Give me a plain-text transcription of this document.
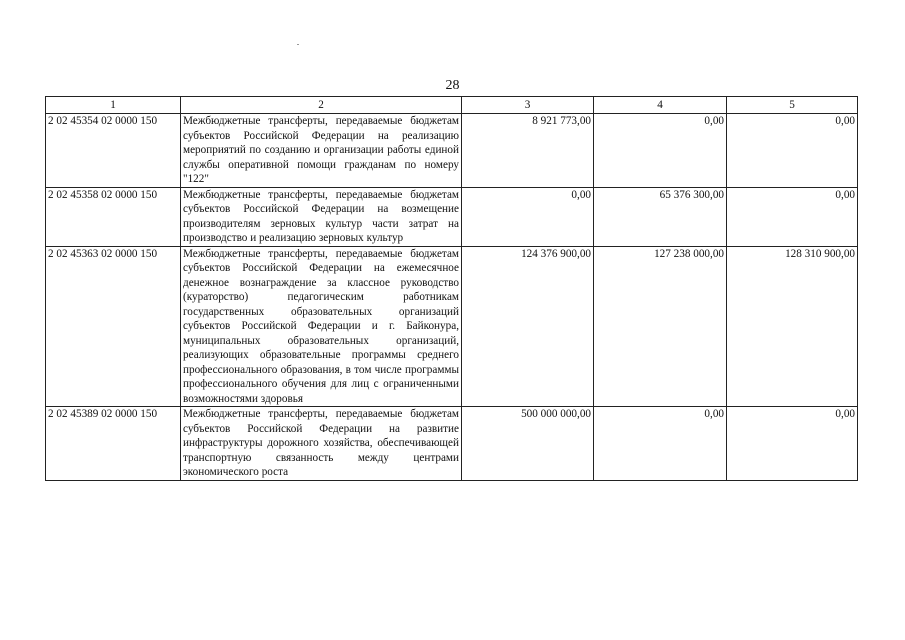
28
1	2	3	4	5
2 02 45354 02 0000 150	Межбюджетные трансферты, передаваемые бюджетам субъектов Российской Федерации на реализацию мероприятий по созданию и организации работы единой службы оперативной помощи гражданам по номеру "122"	8 921 773,00	0,00	0,00
2 02 45358 02 0000 150	Межбюджетные трансферты, передаваемые бюджетам субъектов Российской Федерации на возмещение производителям зерновых культур части затрат на производство и реализацию зерновых культур	0,00	65 376 300,00	0,00
2 02 45363 02 0000 150	Межбюджетные трансферты, передаваемые бюджетам субъектов Российской Федерации на ежемесячное денежное вознаграждение за классное руководство (кураторство) педагогическим работникам государственных образовательных организаций субъектов Российской Федерации и г. Байконура, муниципальных образовательных организаций, реализующих образовательные программы среднего профессионального образования, в том числе программы профессионального обучения для лиц с ограниченными возможностями здоровья	124 376 900,00	127 238 000,00	128 310 900,00
2 02 45389 02 0000 150	Межбюджетные трансферты, передаваемые бюджетам субъектов Российской Федерации на развитие инфраструктуры дорожного хозяйства, обеспечивающей транспортную связанность между центрами экономического роста	500 000 000,00	0,00	0,00
